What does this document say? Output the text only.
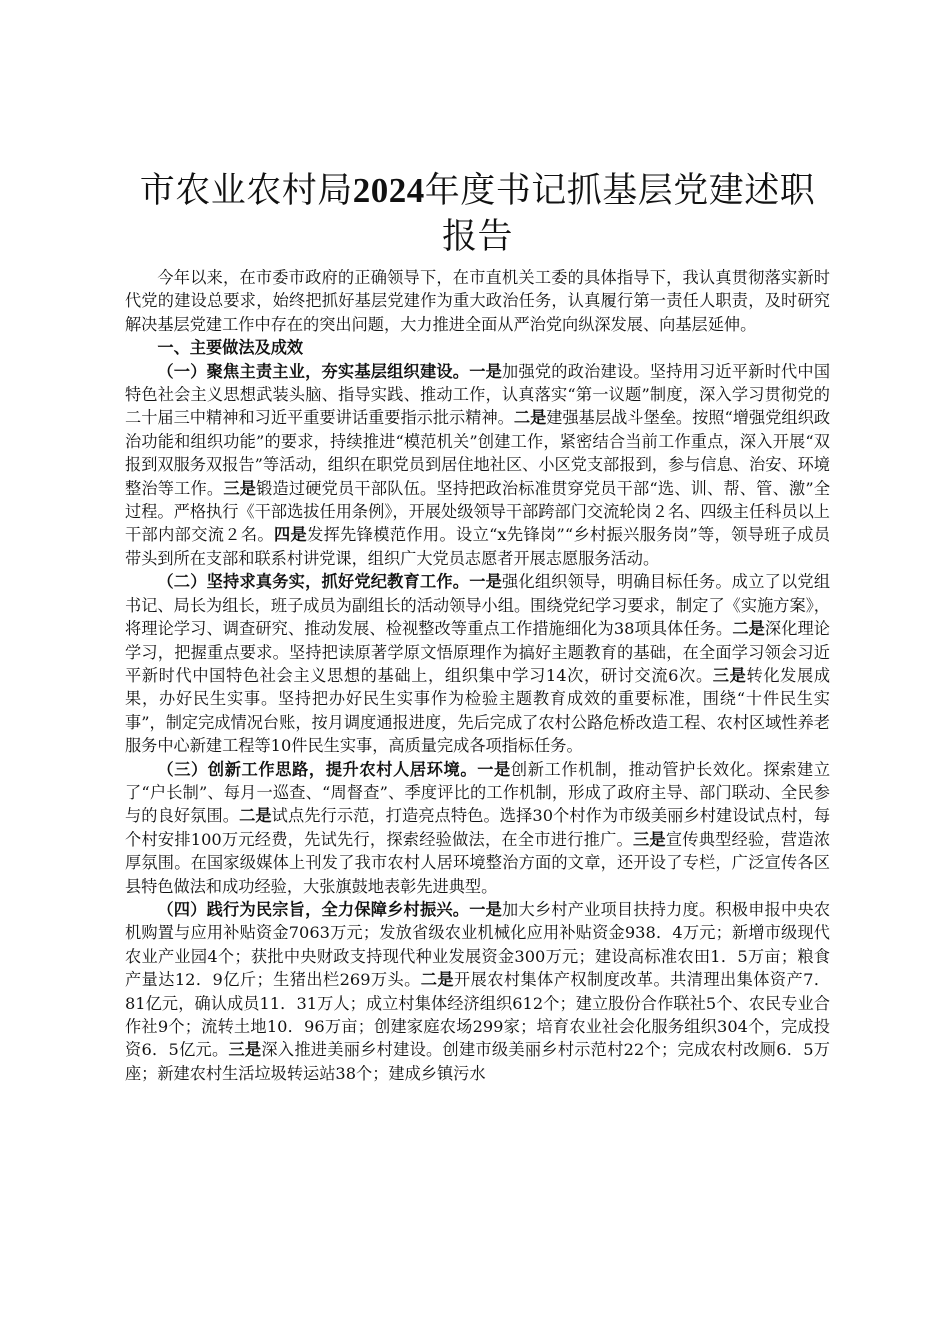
市农业农村局2024年度书记抓基层党建述职报告

今年以来，在市委市政府的正确领导下，在市直机关工委的具体指导下，我认真贯彻落实新时代党的建设总要求，始终把抓好基层党建作为重大政治任务，认真履行第一责任人职责，及时研究解决基层党建工作中存在的突出问题，大力推进全面从严治党向纵深发展、向基层延伸。

一、主要做法及成效

（一）聚焦主责主业，夯实基层组织建设。一是加强党的政治建设。坚持用习近平新时代中国特色社会主义思想武装头脑、指导实践、推动工作，认真落实“第一议题”制度，深入学习贯彻党的二十届三中精神和习近平重要讲话重要指示批示精神。二是建强基层战斗堡垒。按照“增强党组织政治功能和组织功能”的要求，持续推进“模范机关”创建工作，紧密结合当前工作重点，深入开展“双报到双服务双报告”等活动，组织在职党员到居住地社区、小区党支部报到，参与信息、治安、环境整治等工作。三是锻造过硬党员干部队伍。坚持把政治标准贯穿党员干部“选、训、帮、管、激”全过程。严格执行《干部选拔任用条例》，开展处级领导干部跨部门交流轮岗２名、四级主任科员以上干部内部交流２名。四是发挥先锋模范作用。设立“x先锋岗”“乡村振兴服务岗”等，领导班子成员带头到所在支部和联系村讲党课，组织广大党员志愿者开展志愿服务活动。

（二）坚持求真务实，抓好党纪教育工作。一是强化组织领导，明确目标任务。成立了以党组书记、局长为组长，班子成员为副组长的活动领导小组。围绕党纪学习要求，制定了《实施方案》，将理论学习、调查研究、推动发展、检视整改等重点工作措施细化为38项具体任务。二是深化理论学习，把握重点要求。坚持把读原著学原文悟原理作为搞好主题教育的基础，在全面学习领会习近平新时代中国特色社会主义思想的基础上，组织集中学习14次，研讨交流6次。三是转化发展成果，办好民生实事。坚持把办好民生实事作为检验主题教育成效的重要标准，围绕“十件民生实事”，制定完成情况台账，按月调度通报进度，先后完成了农村公路危桥改造工程、农村区域性养老服务中心新建工程等10件民生实事，高质量完成各项指标任务。

（三）创新工作思路，提升农村人居环境。一是创新工作机制，推动管护长效化。探索建立了“户长制”、每月一巡查、“周督查”、季度评比的工作机制，形成了政府主导、部门联动、全民参与的良好氛围。二是试点先行示范，打造亮点特色。选择30个村作为市级美丽乡村建设试点村，每个村安排100万元经费，先试先行，探索经验做法，在全市进行推广。三是宣传典型经验，营造浓厚氛围。在国家级媒体上刊发了我市农村人居环境整治方面的文章，还开设了专栏，广泛宣传各区县特色做法和成功经验，大张旗鼓地表彰先进典型。

（四）践行为民宗旨，全力保障乡村振兴。一是加大乡村产业项目扶持力度。积极申报中央农机购置与应用补贴资金7063万元；发放省级农业机械化应用补贴资金938．4万元；新增市级现代农业产业园4个；获批中央财政支持现代种业发展资金300万元；建设高标准农田1．5万亩；粮食产量达12．9亿斤；生猪出栏269万头。二是开展农村集体产权制度改革。共清理出集体资产7．81亿元，确认成员11．31万人；成立村集体经济组织612个；建立股份合作联社5个、农民专业合作社9个；流转土地10．96万亩；创建家庭农场299家；培育农业社会化服务组织304个，完成投资6．5亿元。三是深入推进美丽乡村建设。创建市级美丽乡村示范村22个；完成农村改厕6．5万座；新建农村生活垃圾转运站38个；建成乡镇污水
